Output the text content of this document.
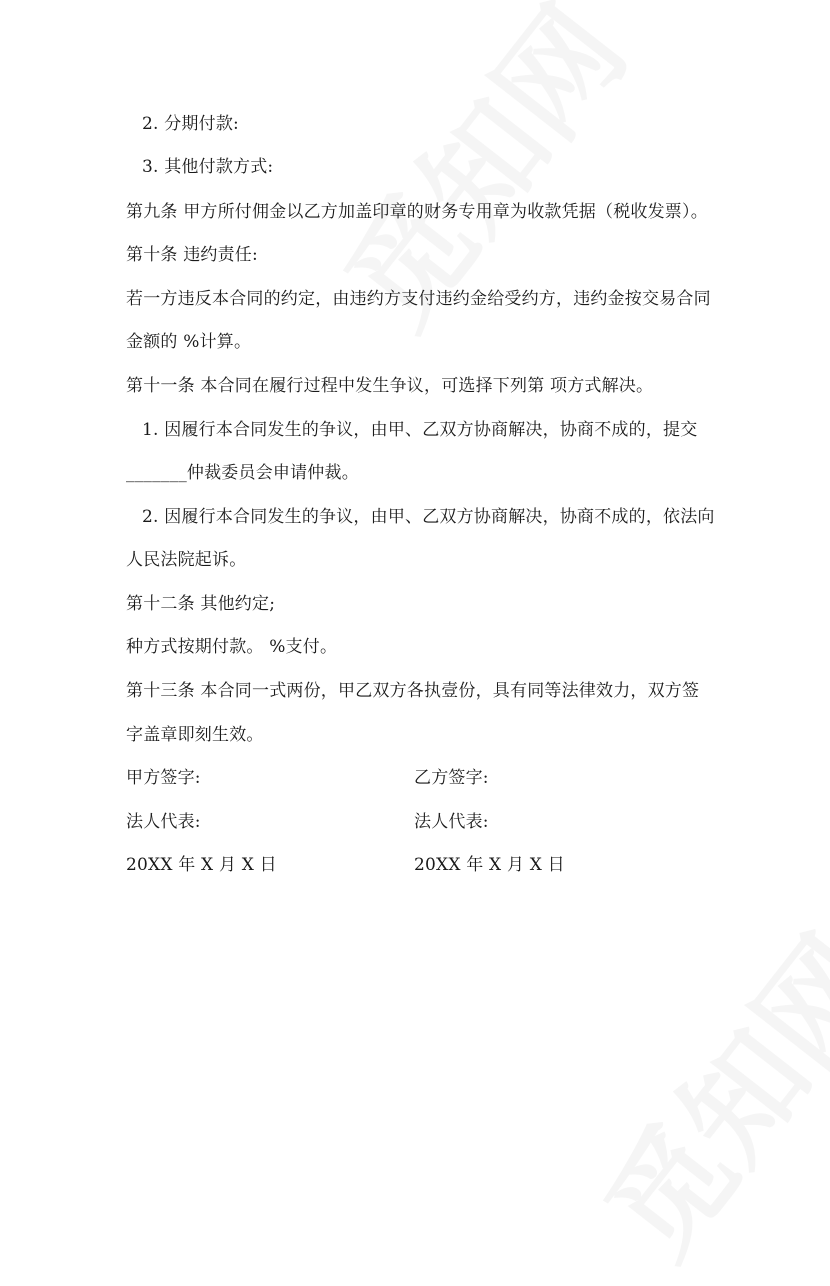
2. 分期付款:
3. 其他付款方式:
第九条 甲方所付佣金以乙方加盖印章的财务专用章为收款凭据（税收发票）。
第十条 违约责任:
若一方违反本合同的约定，由违约方支付违约金给受约方，违约金按交易合同
金额的 %计算。
第十一条 本合同在履行过程中发生争议，可选择下列第 项方式解决。
1. 因履行本合同发生的争议，由甲、乙双方协商解决，协商不成的，提交
_______仲裁委员会申请仲裁。
2. 因履行本合同发生的争议，由甲、乙双方协商解决，协商不成的，依法向
人民法院起诉。
第十二条 其他约定;
种方式按期付款。 %支付。
第十三条 本合同一式两份，甲乙双方各执壹份，具有同等法律效力，双方签
字盖章即刻生效。
甲方签字:	乙方签字:
法人代表:	法人代表:
20XX 年 X 月 X 日	20XX 年 X 月 X 日
